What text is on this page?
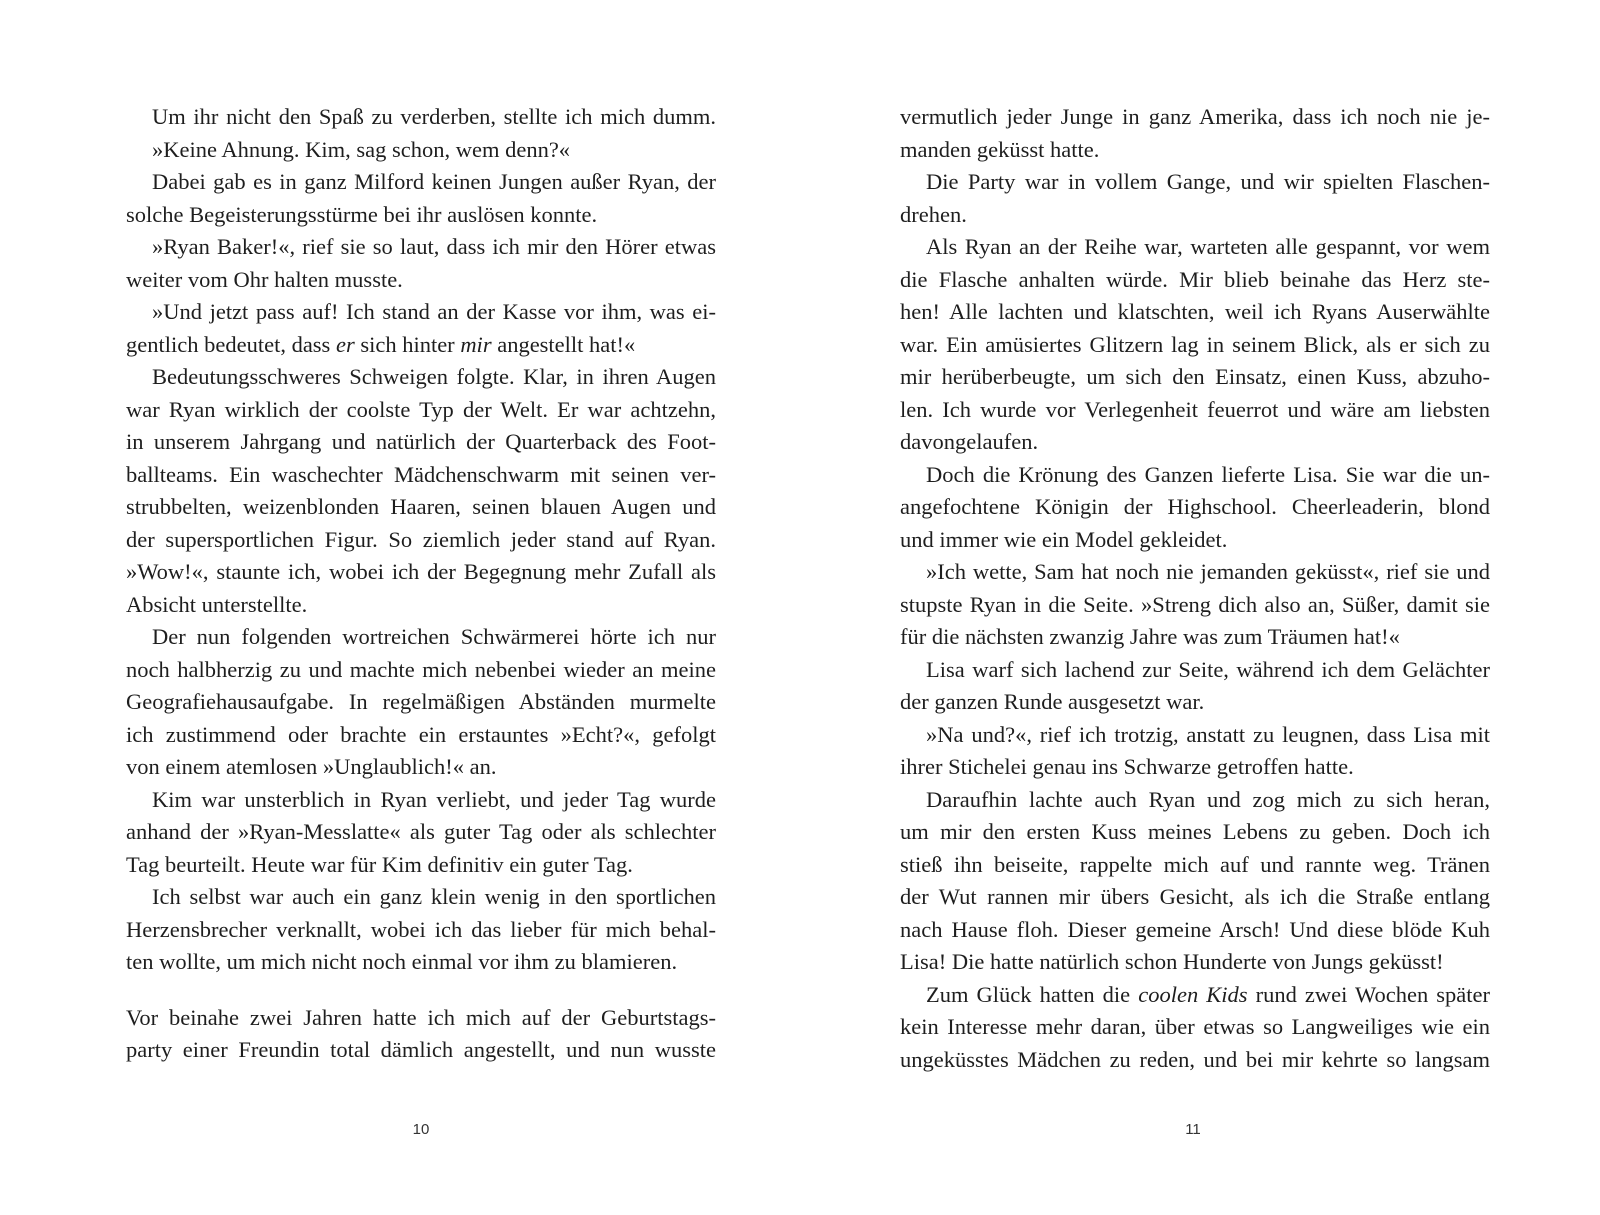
Um ihr nicht den Spaß zu verderben, stellte ich mich dumm.
»Keine Ahnung. Kim, sag schon, wem denn?«
Dabei gab es in ganz Milford keinen Jungen außer Ryan, der
solche Begeisterungsstürme bei ihr auslösen konnte.
»Ryan Baker!«, rief sie so laut, dass ich mir den Hörer etwas
weiter vom Ohr halten musste.
»Und jetzt pass auf! Ich stand an der Kasse vor ihm, was ei-
gentlich bedeutet, dass er sich hinter mir angestellt hat!«
Bedeutungsschweres Schweigen folgte. Klar, in ihren Augen
war Ryan wirklich der coolste Typ der Welt. Er war achtzehn,
in unserem Jahrgang und natürlich der Quarterback des Foot-
ballteams. Ein waschechter Mädchenschwarm mit seinen ver-
strubbelten, weizenblonden Haaren, seinen blauen Augen und
der supersportlichen Figur. So ziemlich jeder stand auf Ryan.
»Wow!«, staunte ich, wobei ich der Begegnung mehr Zufall als
Absicht unterstellte.
Der nun folgenden wortreichen Schwärmerei hörte ich nur
noch halbherzig zu und machte mich nebenbei wieder an meine
Geografiehausaufgabe. In regelmäßigen Abständen murmelte
ich zustimmend oder brachte ein erstauntes »Echt?«, gefolgt
von einem atemlosen »Unglaublich!« an.
Kim war unsterblich in Ryan verliebt, und jeder Tag wurde
anhand der »Ryan-Messlatte« als guter Tag oder als schlechter
Tag beurteilt. Heute war für Kim definitiv ein guter Tag.
Ich selbst war auch ein ganz klein wenig in den sportlichen
Herzensbrecher verknallt, wobei ich das lieber für mich behal-
ten wollte, um mich nicht noch einmal vor ihm zu blamieren.
Vor beinahe zwei Jahren hatte ich mich auf der Geburtstags-
party einer Freundin total dämlich angestellt, und nun wusste
10
vermutlich jeder Junge in ganz Amerika, dass ich noch nie je-
manden geküsst hatte.
Die Party war in vollem Gange, und wir spielten Flaschen-
drehen.
Als Ryan an der Reihe war, warteten alle gespannt, vor wem
die Flasche anhalten würde. Mir blieb beinahe das Herz ste-
hen! Alle lachten und klatschten, weil ich Ryans Auserwählte
war. Ein amüsiertes Glitzern lag in seinem Blick, als er sich zu
mir herüberbeugte, um sich den Einsatz, einen Kuss, abzuho-
len. Ich wurde vor Verlegenheit feuerrot und wäre am liebsten
davongelaufen.
Doch die Krönung des Ganzen lieferte Lisa. Sie war die un-
angefochtene Königin der Highschool. Cheerleaderin, blond
und immer wie ein Model gekleidet.
»Ich wette, Sam hat noch nie jemanden geküsst«, rief sie und
stupste Ryan in die Seite. »Streng dich also an, Süßer, damit sie
für die nächsten zwanzig Jahre was zum Träumen hat!«
Lisa warf sich lachend zur Seite, während ich dem Gelächter
der ganzen Runde ausgesetzt war.
»Na und?«, rief ich trotzig, anstatt zu leugnen, dass Lisa mit
ihrer Stichelei genau ins Schwarze getroffen hatte.
Daraufhin lachte auch Ryan und zog mich zu sich heran,
um mir den ersten Kuss meines Lebens zu geben. Doch ich
stieß ihn beiseite, rappelte mich auf und rannte weg. Tränen
der Wut rannen mir übers Gesicht, als ich die Straße entlang
nach Hause floh. Dieser gemeine Arsch! Und diese blöde Kuh
Lisa! Die hatte natürlich schon Hunderte von Jungs geküsst!
Zum Glück hatten die coolen Kids rund zwei Wochen später
kein Interesse mehr daran, über etwas so Langweiliges wie ein
ungeküsstes Mädchen zu reden, und bei mir kehrte so langsam
11
